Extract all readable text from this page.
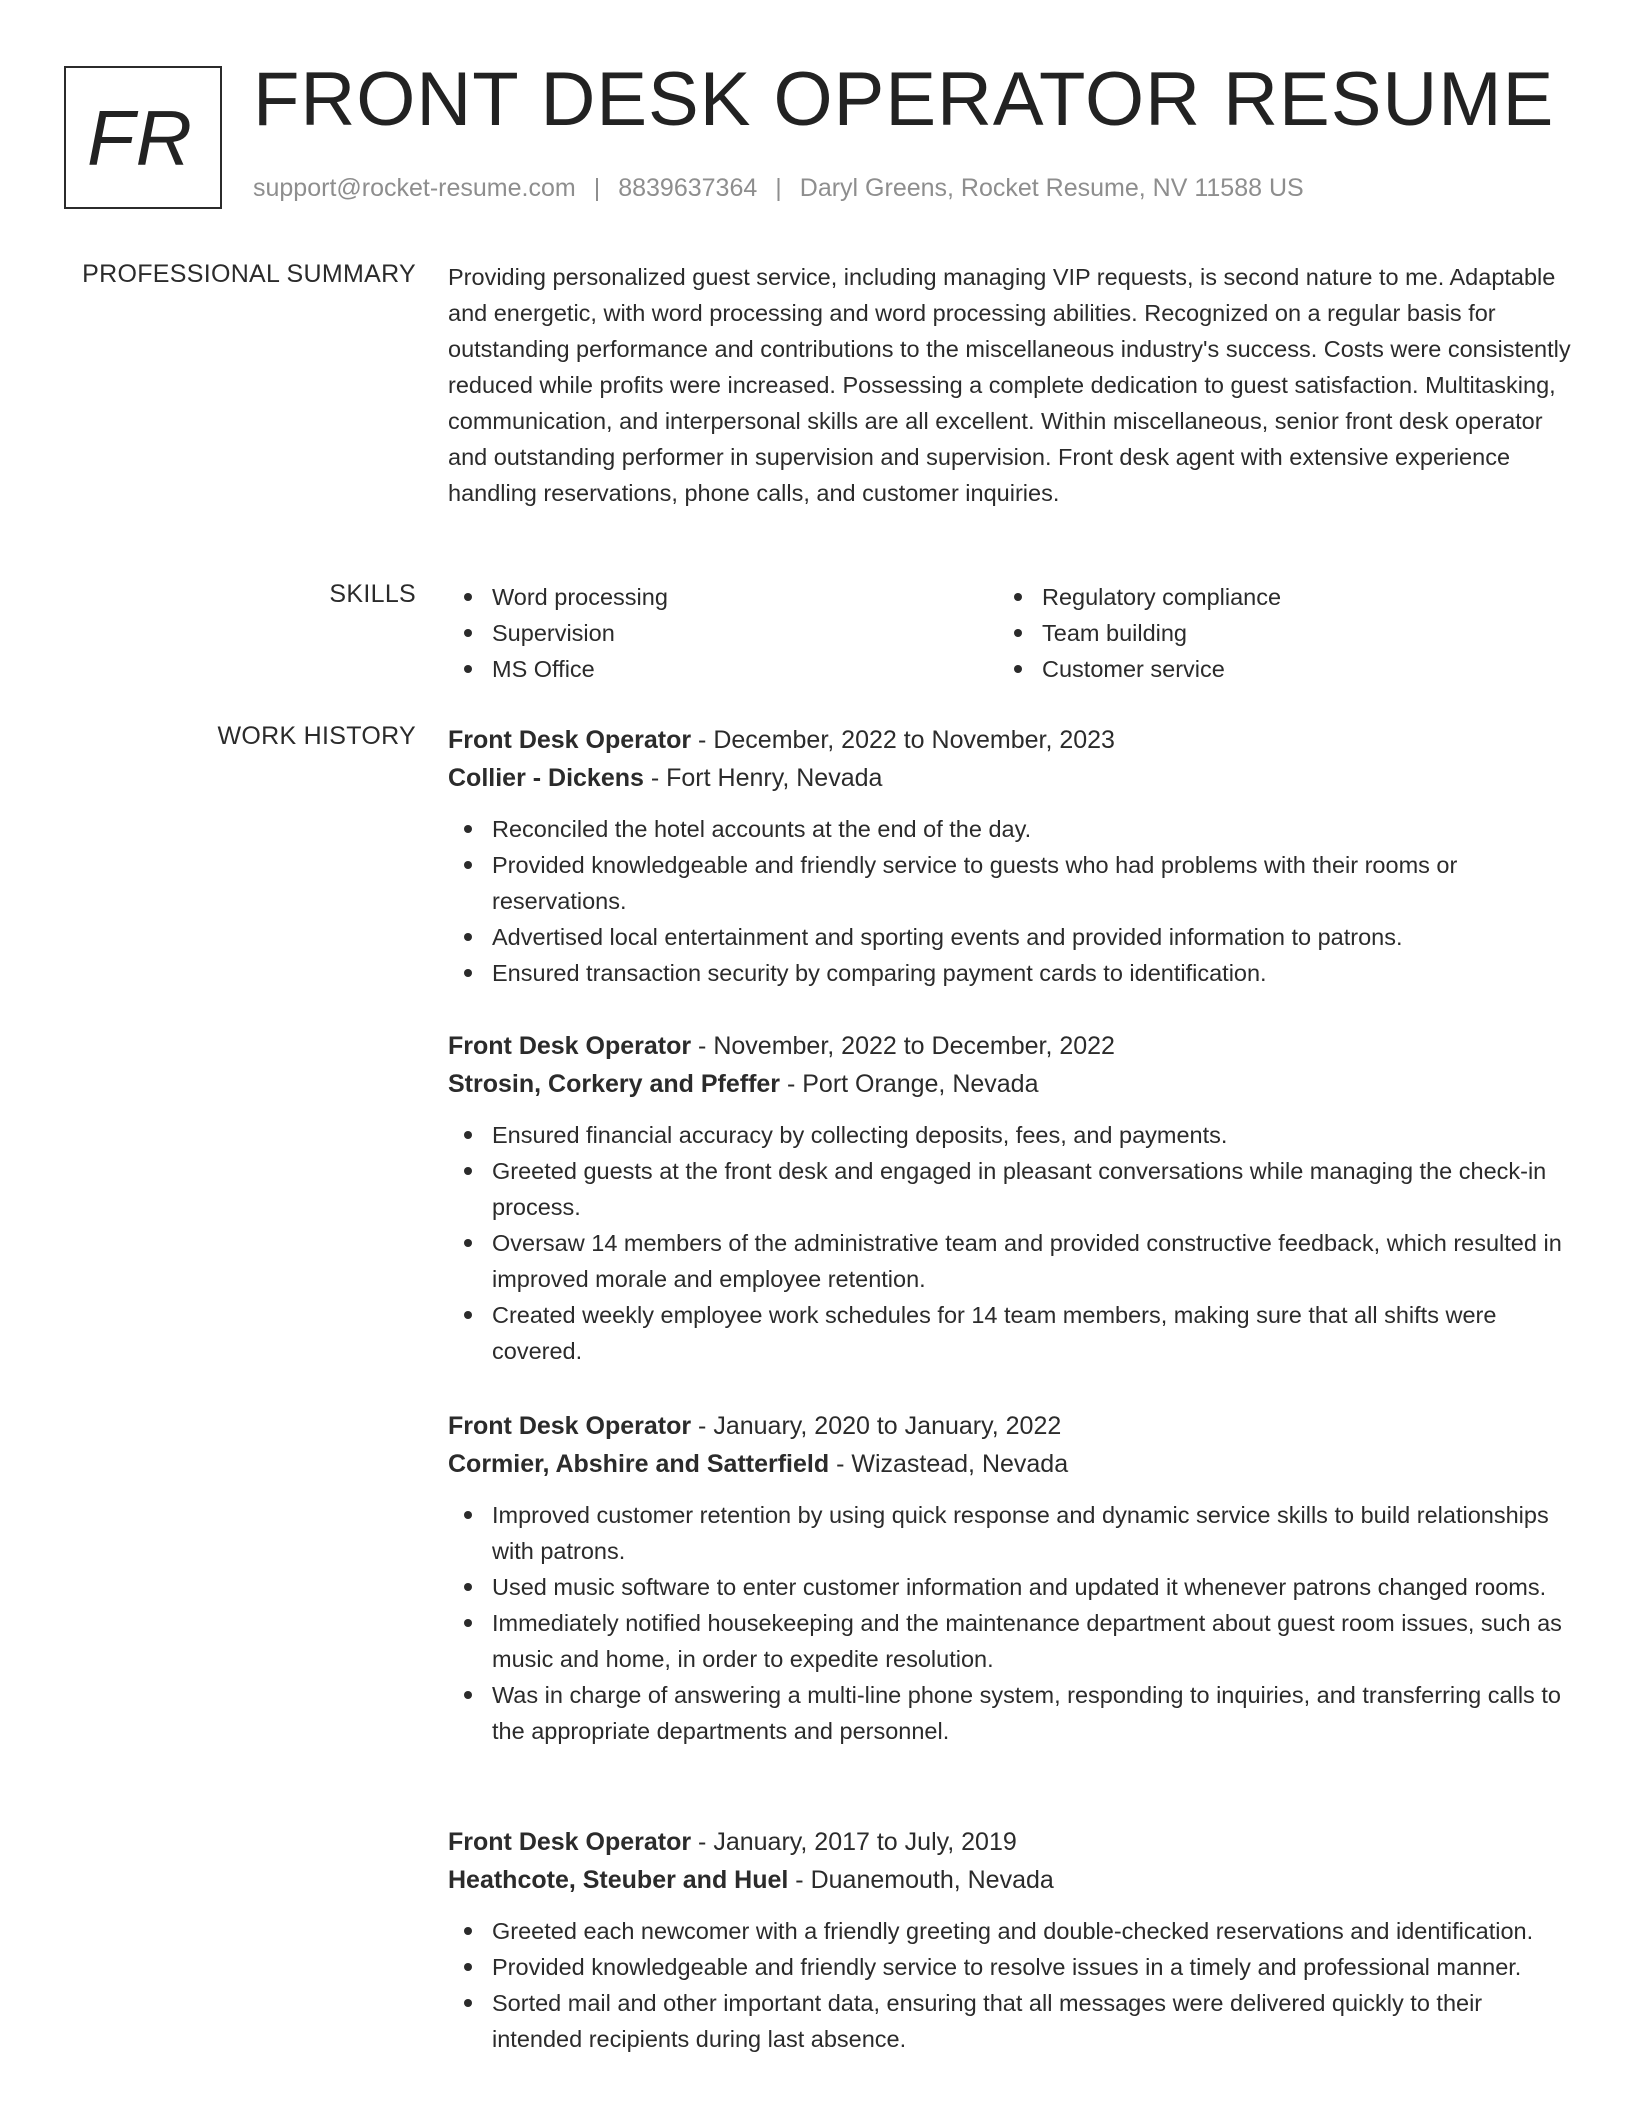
FR FRONT DESK OPERATOR RESUME
support@rocket-resume.com | 8839637364 | Daryl Greens, Rocket Resume, NV 11588 US
PROFESSIONAL SUMMARY Providing personalized guest service, including managing VIP requests, is second nature to me. Adaptable and energetic, with word processing and word processing abilities. Recognized on a regular basis for outstanding performance and contributions to the miscellaneous industry's success. Costs were consistently reduced while profits were increased. Possessing a complete dedication to guest satisfaction. Multitasking, communication, and interpersonal skills are all excellent. Within miscellaneous, senior front desk operator and outstanding performer in supervision and supervision. Front desk agent with extensive experience handling reservations, phone calls, and customer inquiries.
SKILLS	Word processing
Supervision
MS Office
Regulatory compliance
Team building
Customer service
WORK HISTORY Front Desk Operator - December, 2022 to November, 2023
Collier - Dickens - Fort Henry, Nevada
Reconciled the hotel accounts at the end of the day.
Provided knowledgeable and friendly service to guests who had problems with their rooms or reservations.
Advertised local entertainment and sporting events and provided information to patrons.
Ensured transaction security by comparing payment cards to identification.
Front Desk Operator - November, 2022 to December, 2022
Strosin, Corkery and Pfeffer - Port Orange, Nevada
Ensured financial accuracy by collecting deposits, fees, and payments.
Greeted guests at the front desk and engaged in pleasant conversations while managing the check-in process.
Oversaw 14 members of the administrative team and provided constructive feedback, which resulted in improved morale and employee retention.
Created weekly employee work schedules for 14 team members, making sure that all shifts were covered.
Front Desk Operator - January, 2020 to January, 2022
Cormier, Abshire and Satterfield - Wizastead, Nevada
Improved customer retention by using quick response and dynamic service skills to build relationships with patrons.
Used music software to enter customer information and updated it whenever patrons changed rooms.
Immediately notified housekeeping and the maintenance department about guest room issues, such as music and home, in order to expedite resolution.
Was in charge of answering a multi-line phone system, responding to inquiries, and transferring calls to the appropriate departments and personnel.
Front Desk Operator - January, 2017 to July, 2019
Heathcote, Steuber and Huel - Duanemouth, Nevada
Greeted each newcomer with a friendly greeting and double-checked reservations and identification.
Provided knowledgeable and friendly service to resolve issues in a timely and professional manner.
Sorted mail and other important data, ensuring that all messages were delivered quickly to their intended recipients during last absence.
